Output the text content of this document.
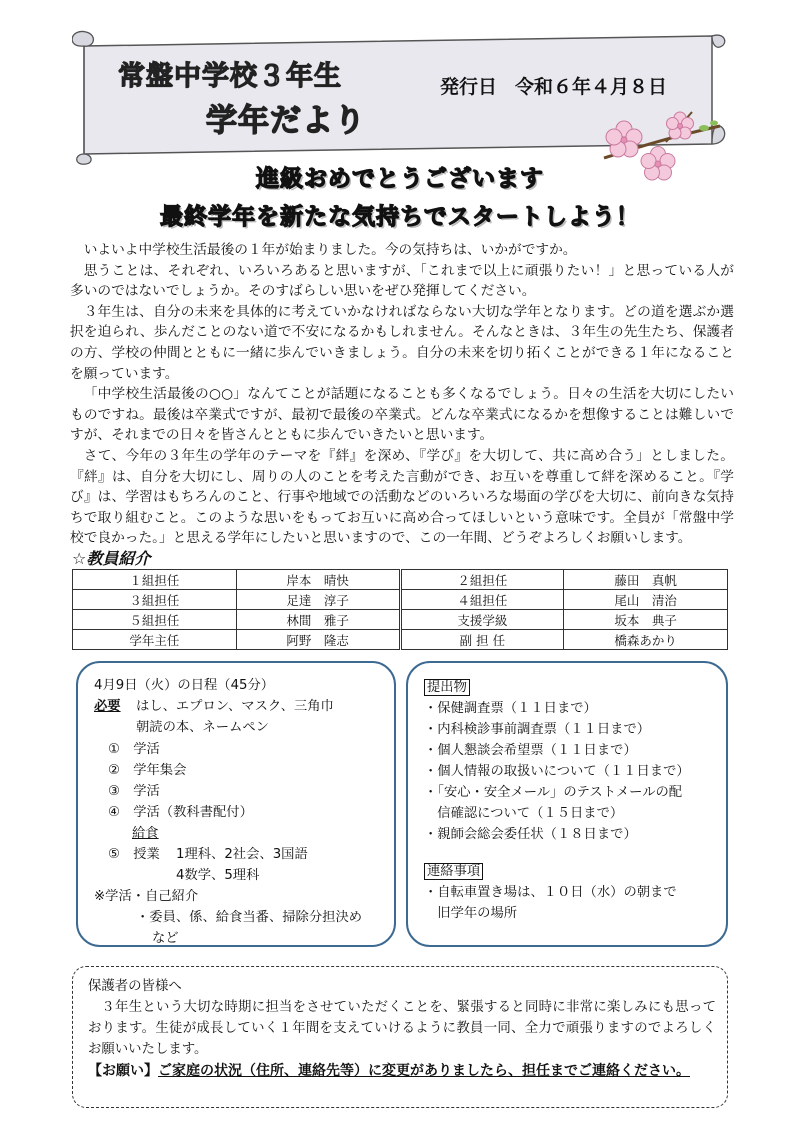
常盤中学校３年生
学年だより
発行日 令和６年４月８日
進級おめでとうございます
最終学年を新たな気持ちでスタートしよう！

いよいよ中学校生活最後の１年が始まりました。今の気持ちは、いかがですか。

思うことは、それぞれ、いろいろあると思いますが、「これまで以上に頑張りたい！」と思っている人が多いのではないでしょうか。そのすばらしい思いをぜひ発揮してください。

３年生は、自分の未来を具体的に考えていかなければならない大切な学年となります。どの道を選ぶか選択を迫られ、歩んだことのない道で不安になるかもしれません。そんなときは、３年生の先生たち、保護者の方、学校の仲間とともに一緒に歩んでいきましょう。自分の未来を切り拓くことができる１年になることを願っています。

「中学校生活最後の○○」なんてことが話題になることも多くなるでしょう。日々の生活を大切にしたいものですね。最後は卒業式ですが、最初で最後の卒業式。どんな卒業式になるかを想像することは難しいですが、それまでの日々を皆さんとともに歩んでいきたいと思います。

さて、今年の３年生の学年のテーマを『絆』を深め、『学び』を大切して、共に高め合う」としました。『絆』は、自分を大切にし、周りの人のことを考えた言動ができ、お互いを尊重して絆を深めること。『学び』は、学習はもちろんのこと、行事や地域での活動などのいろいろな場面の学びを大切に、前向きな気持ちで取り組むこと。このような思いをもってお互いに高め合ってほしいという意味です。全員が「常盤中学校で良かった。」と思える学年にしたいと思いますので、この一年間、どうぞよろしくお願いします。

☆教員紹介
１組担任	岸本　晴快	２組担任	藤田　真帆
３組担任	足達　淳子	４組担任	尾山　清治
５組担任	林間　雅子	支援学級	坂本　典子
学年主任	阿野　隆志	副 担 任	橋森あかり
4月9日（火）の日程（45分）
必要 はし、エプロン、マスク、三角巾
朝読の本、ネームペン
①　学活
②　学年集会
③　学活
④　学活（教科書配付）
給食
⑤　授業 1理科、2社会、3国語
4数学、5理科
※学活・自己紹介
・委員、係、給食当番、掃除分担決め
など
提出物
・保健調査票（１１日まで）
・内科検診事前調査票（１１日まで）
・個人懇談会希望票（１１日まで）
・個人情報の取扱いについて（１１日まで）
・「安心・安全メール」のテストメールの配
　信確認について（１５日まで）
・親師会総会委任状（１８日まで）
連絡事項
・自転車置き場は、１０日（水）の朝まで
　旧学年の場所

保護者の皆様へ

３年生という大切な時期に担当をさせていただくことを、緊張すると同時に非常に楽しみにも思っております。生徒が成長していく１年間を支えていけるように教員一同、全力で頑張りますのでよろしくお願いいたします。

【お願い】ご家庭の状況（住所、連絡先等）に変更がありましたら、担任までご連絡ください。
